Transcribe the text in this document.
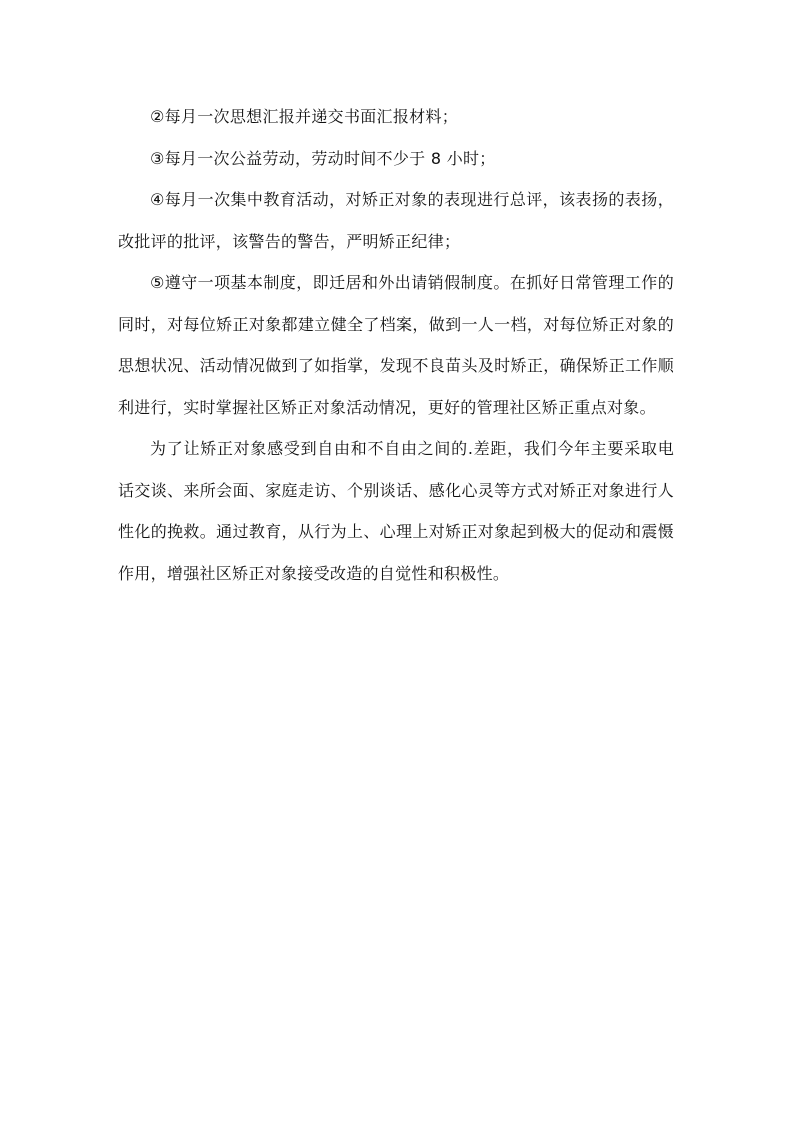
②每月一次思想汇报并递交书面汇报材料；

③每月一次公益劳动，劳动时间不少于 8 小时；

④每月一次集中教育活动，对矫正对象的表现进行总评，该表扬的表扬，改批评的批评，该警告的警告，严明矫正纪律；

⑤遵守一项基本制度，即迁居和外出请销假制度。在抓好日常管理工作的同时，对每位矫正对象都建立健全了档案，做到一人一档，对每位矫正对象的思想状况、活动情况做到了如指掌，发现不良苗头及时矫正，确保矫正工作顺利进行，实时掌握社区矫正对象活动情况，更好的管理社区矫正重点对象。

为了让矫正对象感受到自由和不自由之间的.差距，我们今年主要采取电话交谈、来所会面、家庭走访、个别谈话、感化心灵等方式对矫正对象进行人性化的挽救。通过教育，从行为上、心理上对矫正对象起到极大的促动和震慑作用，增强社区矫正对象接受改造的自觉性和积极性。
